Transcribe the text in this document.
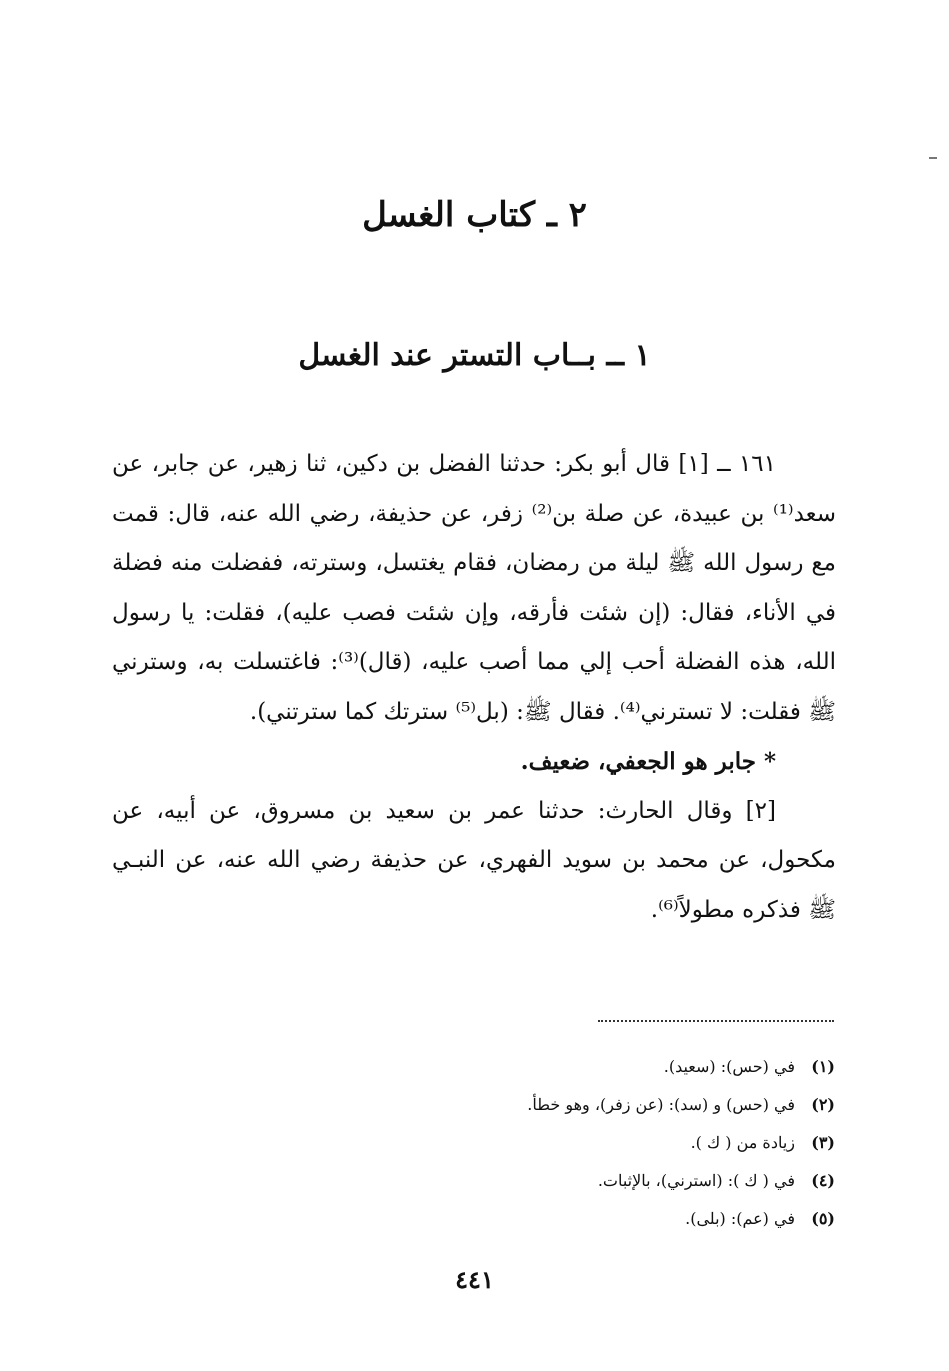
٢ ـ كتاب الغسل
١ ــ بــاب التستر عند الغسل

١٦١ ــ [١] قال أبو بكر: حدثنا الفضل بن دكين، ثنا زهير، عن جابر، عن سعد⁽¹⁾ بن عبيدة، عن صلة بن⁽²⁾ زفر، عن حذيفة، رضي الله عنه، قال: قمت مع رسول الله ﷺ ليلة من رمضان، فقام يغتسل، وسترته، ففضلت منه فضلة في الأناء، فقال: (إن شئت فأرقه، وإن شئت فصب عليه)، فقلت: يا رسول الله، هذه الفضلة أحب إلي مما أصب عليه، (قال)⁽³⁾: فاغتسلت به، وسترني ﷺ فقلت: لا تسترني⁽⁴⁾. فقال ﷺ: (بل⁽⁵⁾ سترتك كما سترتني).

* جابر هو الجعفي، ضعيف.

[٢] وقال الحارث: حدثنا عمر بن سعيد بن مسروق، عن أبيه، عن مكحول، عن محمد بن سويد الفهري، عن حذيفة رضي الله عنه، عن النبـي ﷺ فذكره مطولاً⁽⁶⁾.

(١)
في (حس): (سعيد).
(٢)
في (حس) و (سد): (عن زفر)، وهو خطأ.
(٣)
زيادة من ( ك ).
(٤)
في ( ك ): (استرني)، بالإثبات.
(٥)
في (عم): (بلى).
٤٤١
